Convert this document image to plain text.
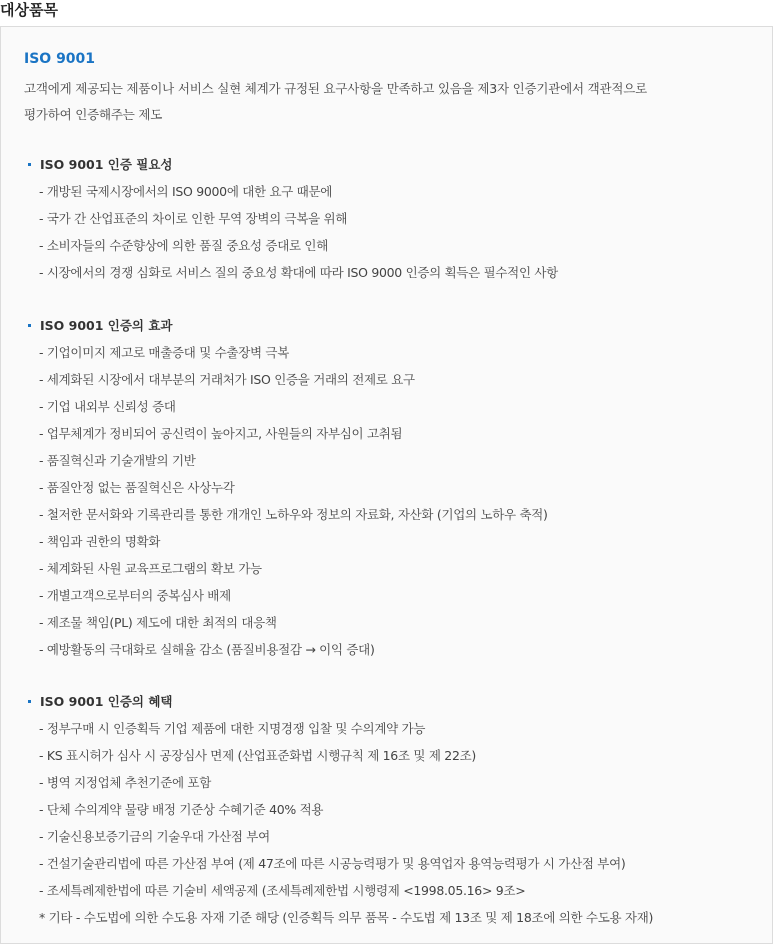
대상품목
ISO 9001

고객에게 제공되는 제품이나 서비스 실현 체계가 규정된 요구사항을 만족하고 있음을 제3자 인증기관에서 객관적으로
평가하여 인증해주는 제도

ISO 9001 인증 필요성
- 개방된 국제시장에서의 ISO 9000에 대한 요구 때문에
- 국가 간 산업표준의 차이로 인한 무역 장벽의 극복을 위해
- 소비자들의 수준향상에 의한 품질 중요성 증대로 인해
- 시장에서의 경쟁 심화로 서비스 질의 중요성 확대에 따라 ISO 9000 인증의 획득은 필수적인 사항
ISO 9001 인증의 효과
- 기업이미지 제고로 매출증대 및 수출장벽 극복
- 세계화된 시장에서 대부분의 거래처가 ISO 인증을 거래의 전제로 요구
- 기업 내외부 신뢰성 증대
- 업무체계가 정비되어 공신력이 높아지고, 사원들의 자부심이 고취됨
- 품질혁신과 기술개발의 기반
- 품질안정 없는 품질혁신은 사상누각
- 철저한 문서화와 기록관리를 통한 개개인 노하우와 정보의 자료화, 자산화 (기업의 노하우 축적)
- 책임과 권한의 명확화
- 체계화된 사원 교육프로그램의 확보 가능
- 개별고객으로부터의 중복심사 배제
- 제조물 책임(PL) 제도에 대한 최적의 대응책
- 예방활동의 극대화로 실해율 감소 (품질비용절감 → 이익 증대)
ISO 9001 인증의 혜택
- 정부구매 시 인증획득 기업 제품에 대한 지명경쟁 입찰 및 수의계약 가능
- KS 표시허가 심사 시 공장심사 면제 (산업표준화법 시행규칙 제 16조 및 제 22조)
- 병역 지정업체 추천기준에 포함
- 단체 수의계약 물량 배정 기준상 수혜기준 40% 적용
- 기술신용보증기금의 기술우대 가산점 부여
- 건설기술관리법에 따른 가산점 부여 (제 47조에 따른 시공능력평가 및 용역업자 용역능력평가 시 가산점 부여)
- 조세특례제한법에 따른 기술비 세액공제 (조세특례제한법 시행령제 <1998.05.16> 9조>
* 기타 - 수도법에 의한 수도용 자재 기준 해당 (인증획득 의무 품목 - 수도법 제 13조 및 제 18조에 의한 수도용 자재)
